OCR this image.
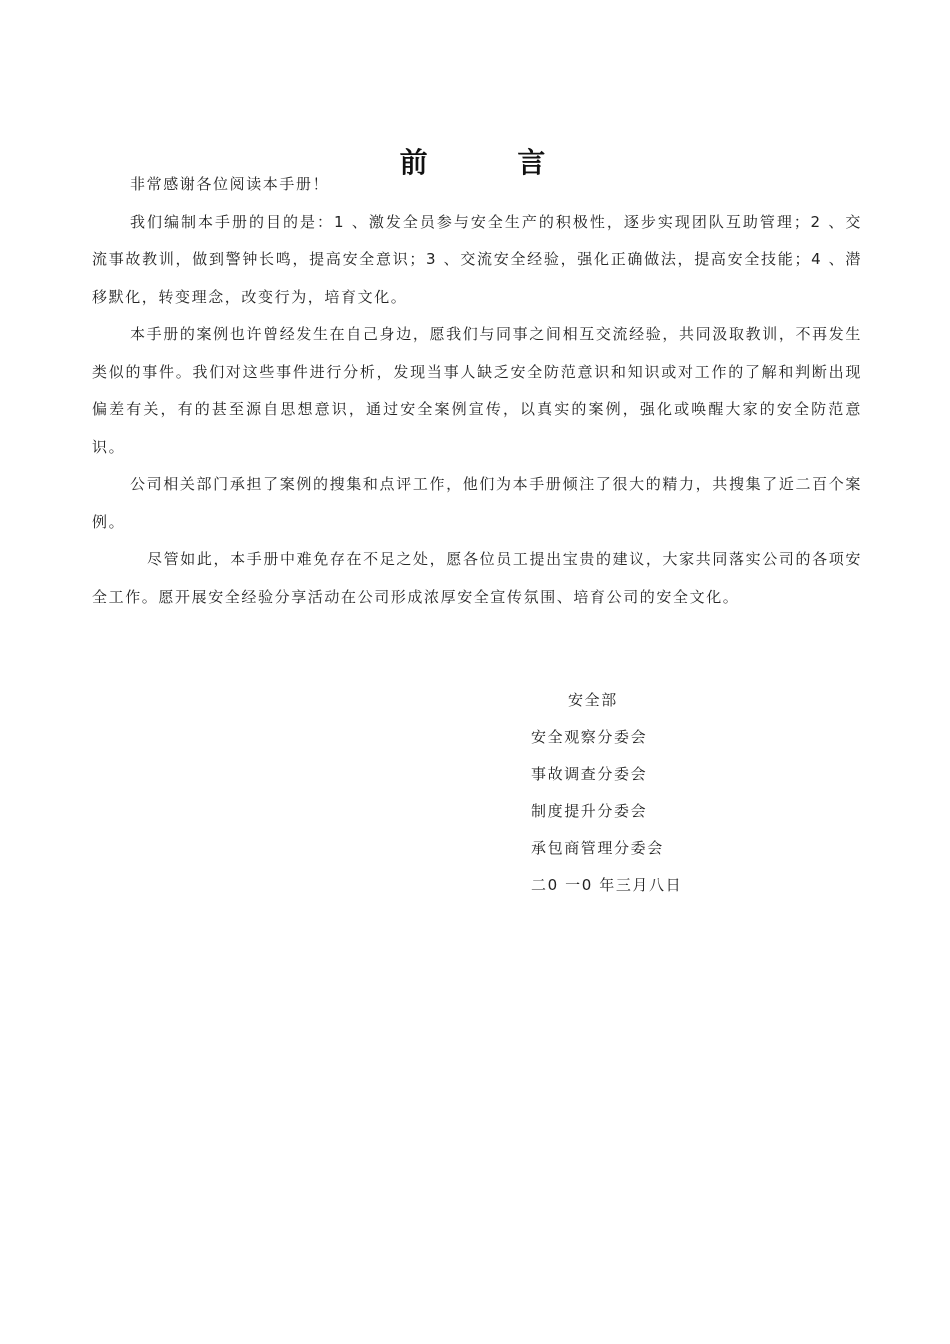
前 言

非常感谢各位阅读本手册！

我们编制本手册的目的是：1 、激发全员参与安全生产的积极性，逐步实现团队互助管理；2 、交流事故教训，做到警钟长鸣，提高安全意识；3 、交流安全经验，强化正确做法，提高安全技能；4 、潜移默化，转变理念，改变行为，培育文化。

本手册的案例也许曾经发生在自己身边，愿我们与同事之间相互交流经验，共同汲取教训，不再发生类似的事件。我们对这些事件进行分析，发现当事人缺乏安全防范意识和知识或对工作的了解和判断出现偏差有关，有的甚至源自思想意识，通过安全案例宣传，以真实的案例，强化或唤醒大家的安全防范意识。

公司相关部门承担了案例的搜集和点评工作，他们为本手册倾注了很大的精力，共搜集了近二百个案例。

尽管如此，本手册中难免存在不足之处，愿各位员工提出宝贵的建议，大家共同落实公司的各项安全工作。愿开展安全经验分享活动在公司形成浓厚安全宣传氛围、培育公司的安全文化。

安全部
安全观察分委会
事故调查分委会
制度提升分委会
承包商管理分委会
二0 一0 年三月八日
